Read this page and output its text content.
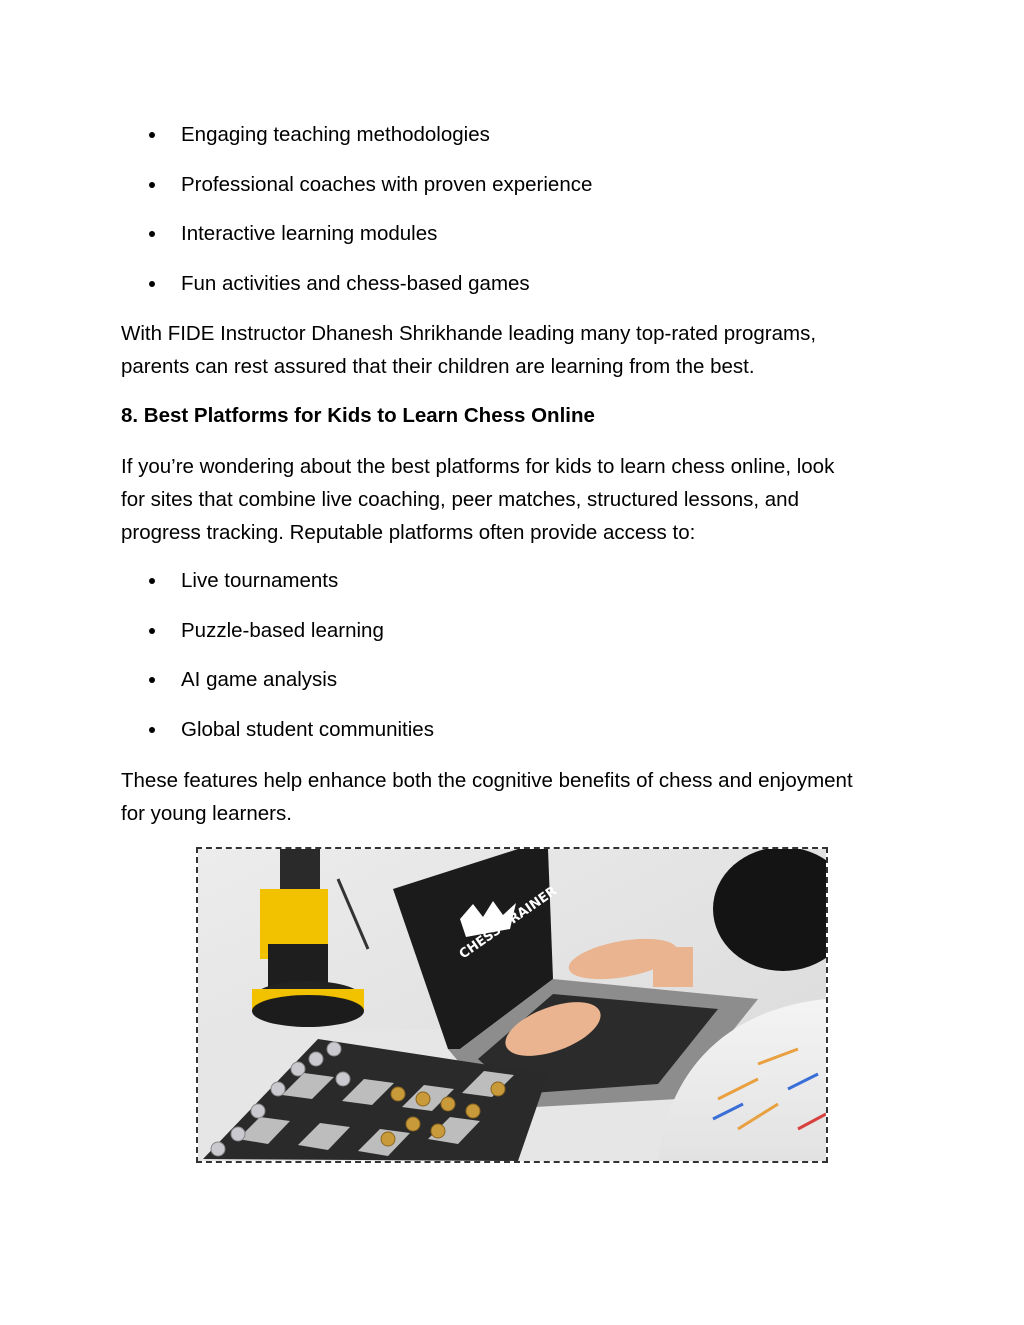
Engaging teaching methodologies
Professional coaches with proven experience
Interactive learning modules
Fun activities and chess-based games

With FIDE Instructor Dhanesh Shrikhande leading many top-rated programs,
parents can rest assured that their children are learning from the best.

8. Best Platforms for Kids to Learn Chess Online

If you’re wondering about the best platforms for kids to learn chess online, look
for sites that combine live coaching, peer matches, structured lessons, and
progress tracking. Reputable platforms often provide access to:

Live tournaments
Puzzle-based learning
AI game analysis
Global student communities

These features help enhance both the cognitive benefits of chess and enjoyment
for young learners.

CHESS TRAINER
